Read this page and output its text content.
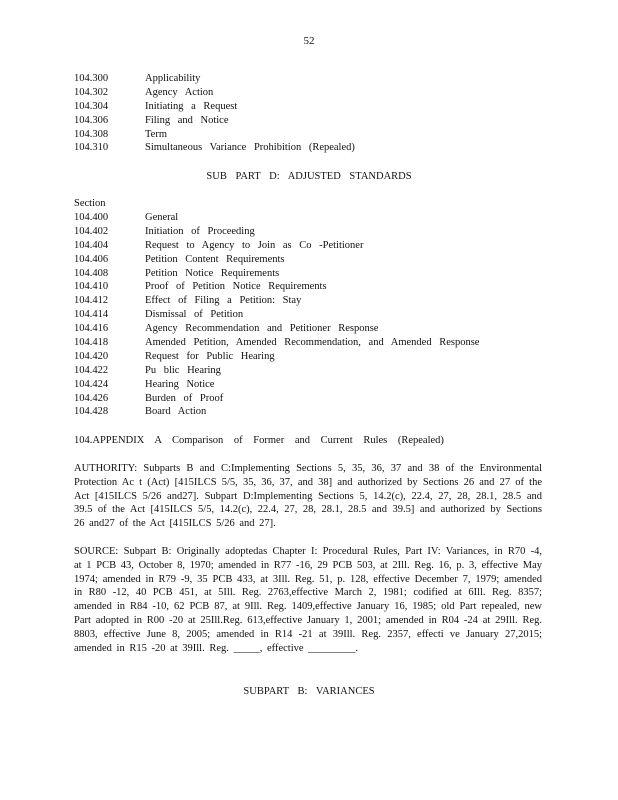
52
104.300	Applicability
104.302	Agency Action
104.304	Initiating a Request
104.306	Filing and Notice
104.308	Term
104.310	Simultaneous Variance Prohibition (Repealed)
SUB PART D: ADJUSTED STANDARDS
Section
104.400	General
104.402	Initiation of Proceeding
104.404	Request to Agency to Join as Co -Petitioner
104.406	Petition Content Requirements
104.408	Petition Notice Requirements
104.410	Proof of Petition Notice Requirements
104.412	Effect of Filing a Petition: Stay
104.414	Dismissal of Petition
104.416	Agency Recommendation and Petitioner Response
104.418	Amended Petition, Amended Recommendation, and Amended Response
104.420	Request for Public Hearing
104.422	Pu blic Hearing
104.424	Hearing Notice
104.426	Burden of Proof
104.428	Board Action
104.APPENDIX A Comparison of Former and Current Rules (Repealed)
AUTHORITY: Subparts B and C:Implementing Sections 5, 35, 36, 37 and 38 of the Environmental Protection Ac t (Act) [415ILCS 5/5, 35, 36, 37, and 38] and authorized by Sections 26 and 27 of the Act [415ILCS 5/26 and27]. Subpart D:Implementing Sections 5, 14.2(c), 22.4, 27, 28, 28.1, 28.5 and 39.5 of the Act [415ILCS 5/5, 14.2(c), 22.4, 27, 28, 28.1, 28.5 and 39.5] and authorized by Sections 26 and27 of the Act [415ILCS 5/26 and 27].
SOURCE: Subpart B: Originally adoptedas Chapter I: Procedural Rules, Part IV: Variances, in R70 -4, at 1 PCB 43, October 8, 1970; amended in R77 -16, 29 PCB 503, at 2Ill. Reg. 16, p. 3, effective May 1974; amended in R79 -9, 35 PCB 433, at 3Ill. Reg. 51, p. 128, effective December 7, 1979; amended in R80 -12, 40 PCB 451, at 5Ill. Reg. 2763,effective March 2, 1981; codified at 6Ill. Reg. 8357; amended in R84 -10, 62 PCB 87, at 9Ill. Reg. 1409,effective January 16, 1985; old Part repealed, new Part adopted in R00 -20 at 25Ill.Reg. 613,effective January 1, 2001; amended in R04 -24 at 29Ill. Reg. 8803, effective June 8, 2005; amended in R14 -21 at 39Ill. Reg. 2357, effecti ve January 27,2015; amended in R15 -20 at 39Ill. Reg. _____, effective _________.
SUBPART B: VARIANCES
